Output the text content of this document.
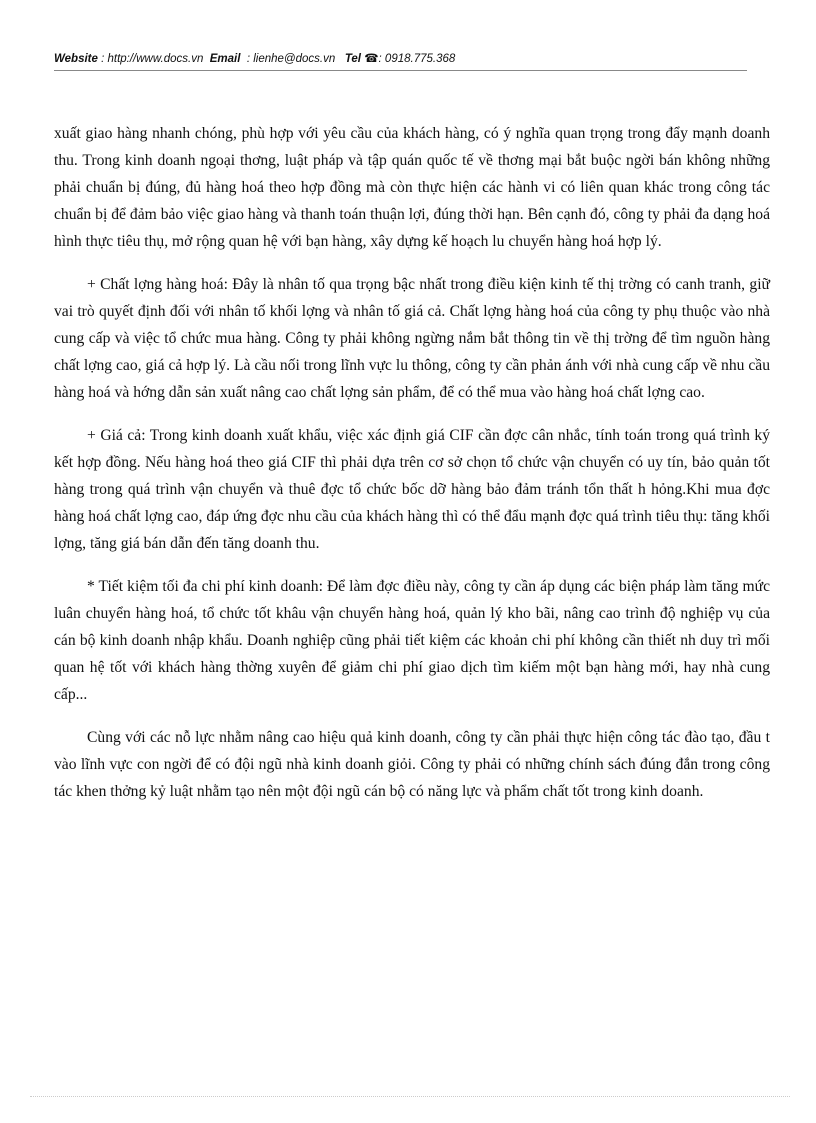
Website : http://www.docs.vn Email : lienhe@docs.vn Tel ☎: 0918.775.368

xuất giao hàng nhanh chóng, phù hợp với yêu cầu của khách hàng, có ý nghĩa quan trọng trong đẩy mạnh doanh thu. Trong kinh doanh ngoại thơng, luật pháp và tập quán quốc tế về thơng mại bắt buộc ngời bán không những phải chuẩn bị đúng, đủ hàng hoá theo hợp đồng mà còn thực hiện các hành vi có liên quan khác trong công tác chuẩn bị để đảm bảo việc giao hàng và thanh toán thuận lợi, đúng thời hạn. Bên cạnh đó, công ty phải đa dạng hoá hình thực tiêu thụ, mở rộng quan hệ với bạn hàng, xây dựng kế hoạch lu chuyển hàng hoá hợp lý.

+ Chất lợng hàng hoá: Đây là nhân tố qua trọng bậc nhất trong điều kiện kinh tế thị trờng có canh tranh, giữ vai trò quyết định đối với nhân tố khối lợng và nhân tố giá cả. Chất lợng hàng hoá của công ty phụ thuộc vào nhà cung cấp và việc tổ chức mua hàng. Công ty phải không ngừng nắm bắt thông tin về thị trờng để tìm nguồn hàng chất lợng cao, giá cả hợp lý. Là cầu nối trong lĩnh vực lu thông, công ty cần phản ánh với nhà cung cấp về nhu cầu hàng hoá và hớng dẫn sản xuất nâng cao chất lợng sản phẩm, để có thể mua vào hàng hoá chất lợng cao.

+ Giá cả: Trong kinh doanh xuất khẩu, việc xác định giá CIF cần đợc cân nhắc, tính toán trong quá trình ký kết hợp đồng. Nếu hàng hoá theo giá CIF thì phải dựa trên cơ sở chọn tổ chức vận chuyển có uy tín, bảo quản tốt hàng trong quá trình vận chuyển và thuê đợc tổ chức bốc dỡ hàng bảo đảm tránh tổn thất h hỏng.Khi mua đợc hàng hoá chất lợng cao, đáp ứng đợc nhu cầu của khách hàng thì có thể đẩu mạnh đợc quá trình tiêu thụ: tăng khối lợng, tăng giá bán dẫn đến tăng doanh thu.

* Tiết kiệm tối đa chi phí kinh doanh: Để làm đợc điều này, công ty cần áp dụng các biện pháp làm tăng mức luân chuyển hàng hoá, tổ chức tốt khâu vận chuyển hàng hoá, quản lý kho bãi, nâng cao trình độ nghiệp vụ của cán bộ kinh doanh nhập khẩu. Doanh nghiệp cũng phải tiết kiệm các khoản chi phí không cần thiết nh duy trì mối quan hệ tốt với khách hàng thờng xuyên để giảm chi phí giao dịch tìm kiếm một bạn hàng mới, hay nhà cung cấp...

Cùng với các nỗ lực nhằm nâng cao hiệu quả kinh doanh, công ty cần phải thực hiện công tác đào tạo, đầu t vào lĩnh vực con ngời để có đội ngũ nhà kinh doanh giỏi. Công ty phải có những chính sách đúng đắn trong công tác khen thởng kỷ luật nhằm tạo nên một đội ngũ cán bộ có năng lực và phẩm chất tốt trong kinh doanh.
